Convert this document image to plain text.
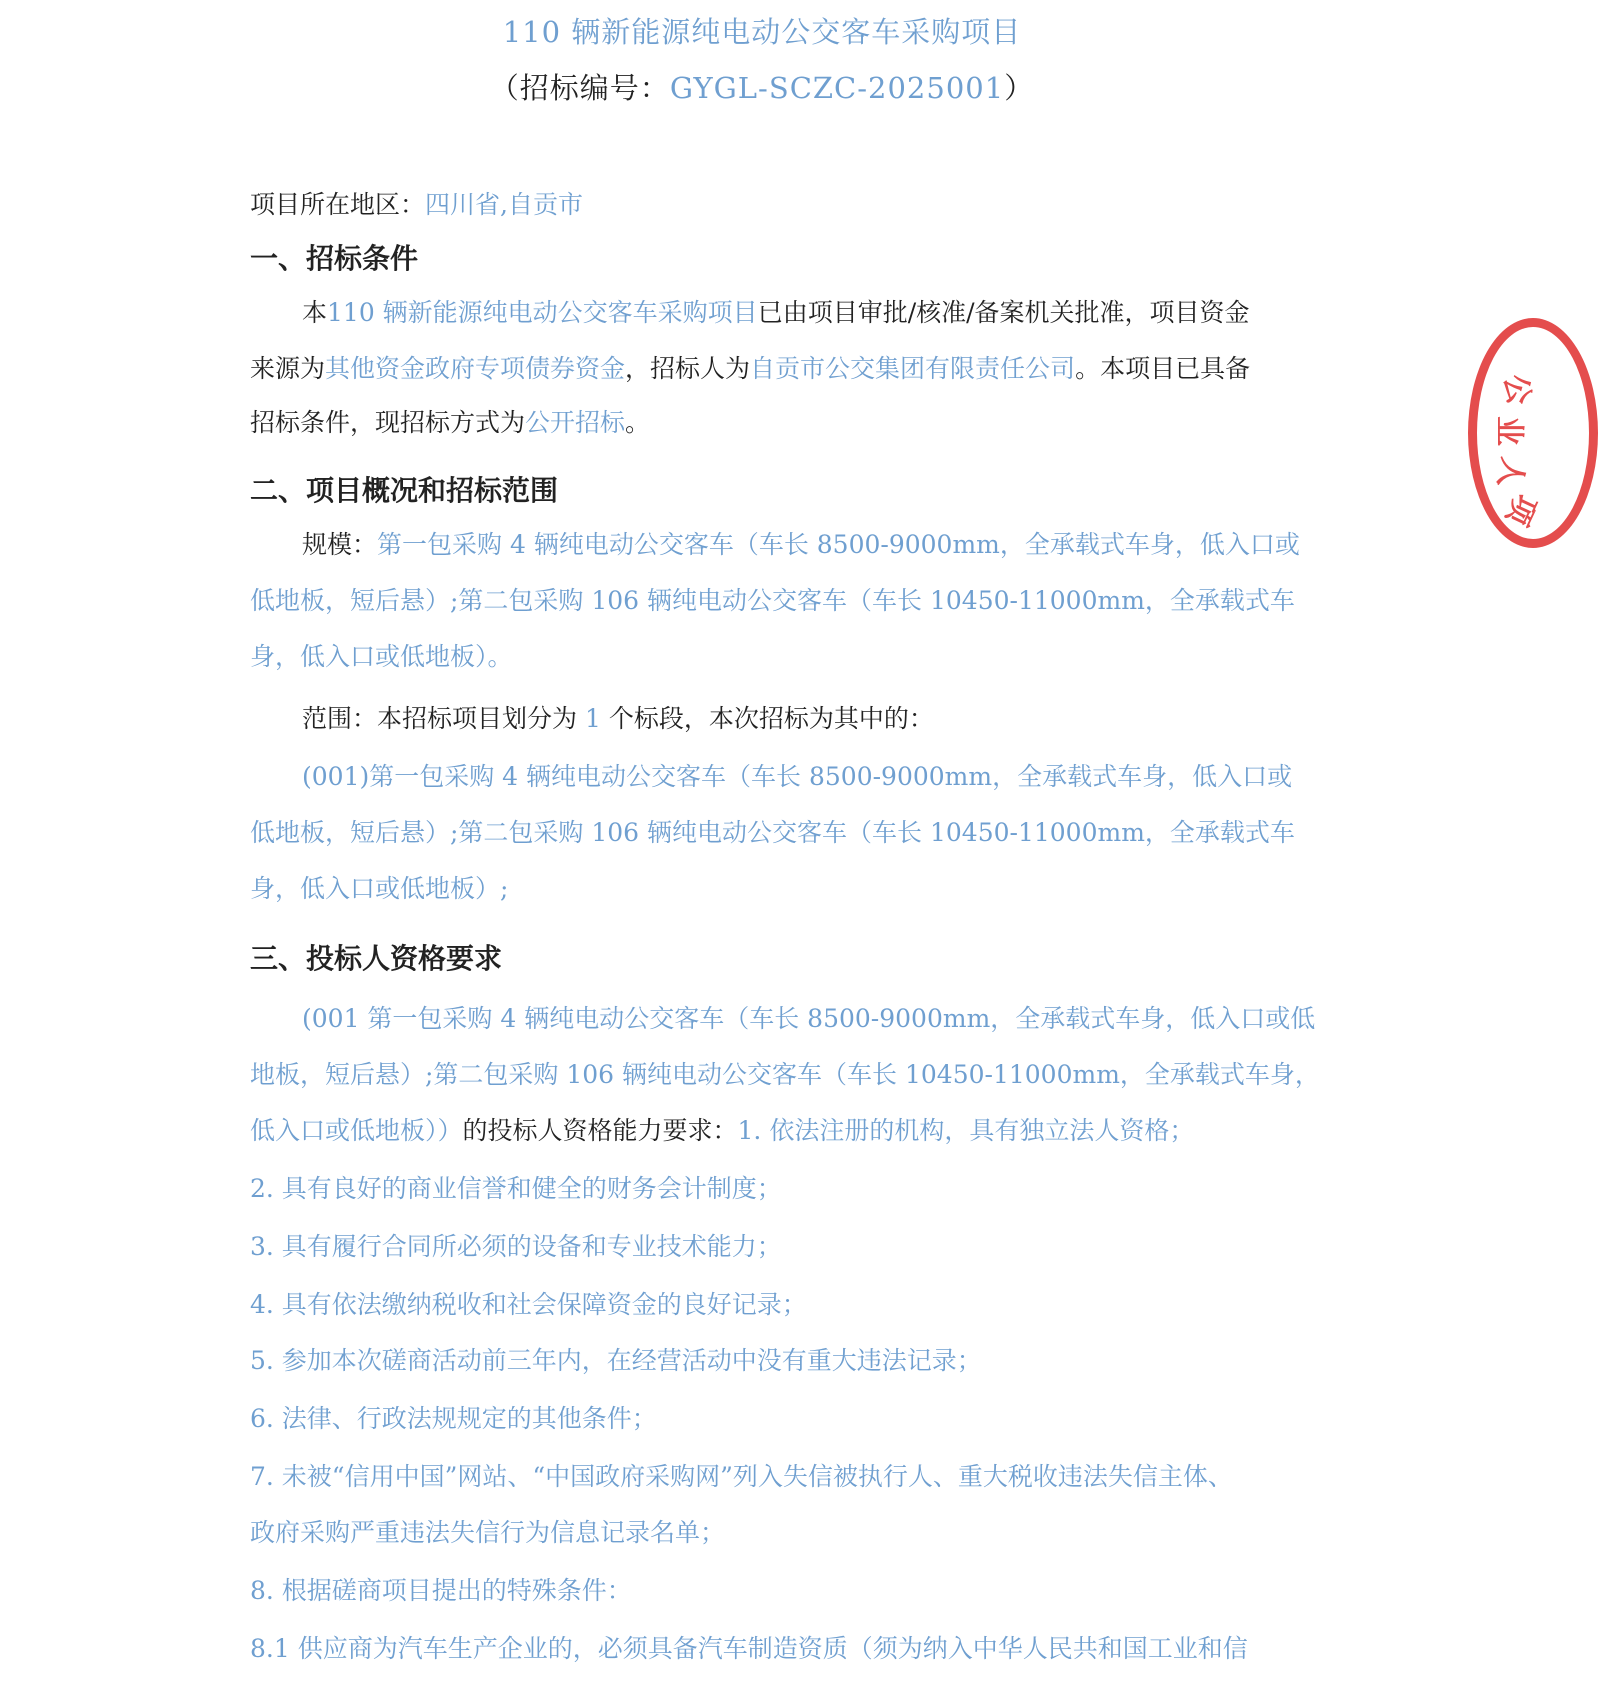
110 辆新能源纯电动公交客车采购项目
（招标编号：GYGL-SCZC-2025001）
项目所在地区：四川省,自贡市
一、招标条件
本110 辆新能源纯电动公交客车采购项目已由项目审批/核准/备案机关批准，项目资金
来源为其他资金政府专项债券资金，招标人为自贡市公交集团有限责任公司。本项目已具备
招标条件，现招标方式为公开招标。
二、项目概况和招标范围
规模：第一包采购 4 辆纯电动公交客车（车长 8500-9000mm，全承载式车身，低入口或
低地板，短后悬）;第二包采购 106 辆纯电动公交客车（车长 10450-11000mm，全承载式车
身，低入口或低地板）。
范围：本招标项目划分为 1 个标段，本次招标为其中的：
(001)第一包采购 4 辆纯电动公交客车（车长 8500-9000mm，全承载式车身，低入口或
低地板，短后悬）;第二包采购 106 辆纯电动公交客车（车长 10450-11000mm，全承载式车
身，低入口或低地板）;
三、投标人资格要求
(001 第一包采购 4 辆纯电动公交客车（车长 8500-9000mm，全承载式车身，低入口或低
地板，短后悬）;第二包采购 106 辆纯电动公交客车（车长 10450-11000mm，全承载式车身，
低入口或低地板））的投标人资格能力要求：1. 依法注册的机构，具有独立法人资格；
2. 具有良好的商业信誉和健全的财务会计制度；
3. 具有履行合同所必须的设备和专业技术能力；
4. 具有依法缴纳税收和社会保障资金的良好记录；
5. 参加本次磋商活动前三年内，在经营活动中没有重大违法记录；
6. 法律、行政法规规定的其他条件；
7. 未被“信用中国”网站、“中国政府采购网”列入失信被执行人、重大税收违法失信主体、
政府采购严重违法失信行为信息记录名单；
8. 根据磋商项目提出的特殊条件：
8.1 供应商为汽车生产企业的，必须具备汽车制造资质（须为纳入中华人民共和国工业和信
公
业
人
项
